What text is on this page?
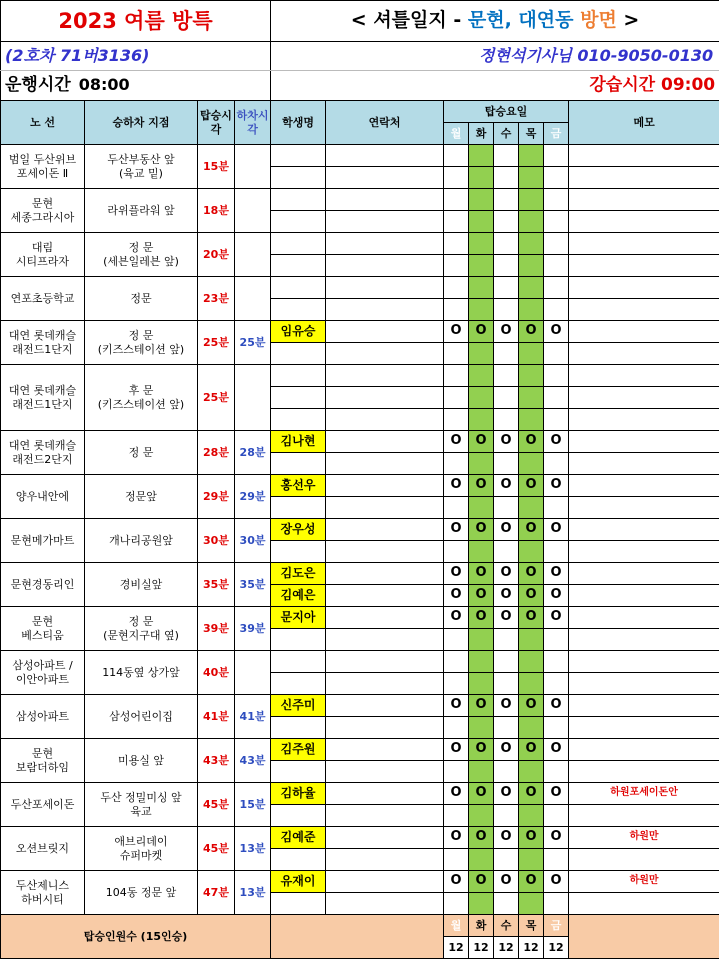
2023 여름 방특				< 셔틀일지 - 문현, 대연동 방면 >							
(2호차 71버3136)				정현석기사님 010-9050-0130							
운행시간 08:00				강습시간 09:00							
노 선	승하차 지점	탑승시각	하차시각	학생명	연락처	탑승요일					메모
						월	화	수	목	금	
범일 두산위브
포세이돈 Ⅱ	두산부동산 앞
(육교 밑)	15분									

문현
세종그라시아	라위플라워 앞	18분									

대림
시티프라자	정 문
(세븐일레븐 앞)	20분									

연포초등학교	정문	23분									

대연 롯데캐슬
래전드1단지	정 문
(키즈스테이션 앞)	25분	25분	임유승		O	O	O	O	O	

대연 롯데캐슬
래전드1단지	후 문
(키즈스테이션 앞)	25분									

대연 롯데캐슬
래전드2단지	정 문	28분	28분	김나현		O	O	O	O	O	

양우내안에	정문앞	29분	29분	홍선우		O	O	O	O	O	

문현메가마트	개나리공원앞	30분	30분	장우성		O	O	O	O	O	

문현경동리인	경비실앞	35분	35분	김도은		O	O	O	O	O	
				김예은		O	O	O	O	O	
문현
베스티움	정 문
(문현지구대 옆)	39분	39분	문지아		O	O	O	O	O	

삼성아파트 /
이안아파트	114동옆 상가앞	40분									

삼성아파트	삼성어린이집	41분	41분	신주미		O	O	O	O	O	

문현
보람더하임	미용실 앞	43분	43분	김주원		O	O	O	O	O	

두산포세이돈	두산 정밀미싱 앞
육교	45분	15분	김하율		O	O	O	O	O	하원포세이돈안

오션브릿지	애브리데이
슈퍼마켓	45분	13분	김예준		O	O	O	O	O	하원만

두산제니스
하버시티	104동 정문 앞	47분	13분	유재이		O	O	O	O	O	하원만

탑승인원수 (15인승)						월	화	수	목	금	
						12	12	12	12	12	
